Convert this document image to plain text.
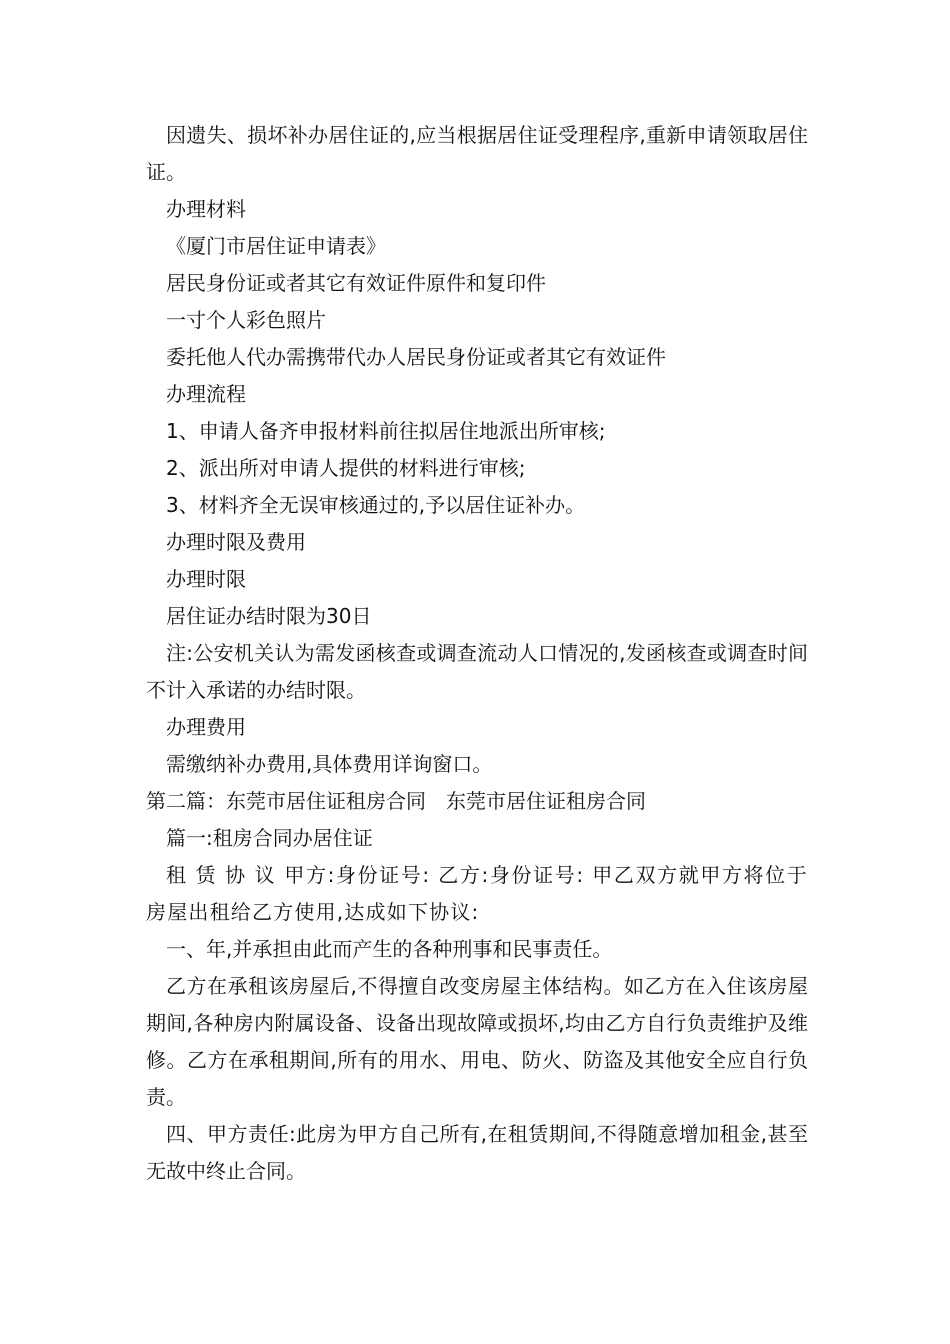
因遗失、损坏补办居住证的,应当根据居住证受理程序,重新申请领取居住证。

办理材料

《厦门市居住证申请表》

居民身份证或者其它有效证件原件和复印件

一寸个人彩色照片

委托他人代办需携带代办人居民身份证或者其它有效证件

办理流程

1、申请人备齐申报材料前往拟居住地派出所审核;

2、派出所对申请人提供的材料进行审核;

3、材料齐全无误审核通过的,予以居住证补办。

办理时限及费用

办理时限

居住证办结时限为30日

注:公安机关认为需发函核查或调查流动人口情况的,发函核查或调查时间不计入承诺的办结时限。

办理费用

需缴纳补办费用,具体费用详询窗口。

第二篇：东莞市居住证租房合同　东莞市居住证租房合同

篇一:租房合同办居住证

租 赁 协 议 甲方:身份证号: 乙方:身份证号: 甲乙双方就甲方将位于房屋出租给乙方使用,达成如下协议:

一、年,并承担由此而产生的各种刑事和民事责任。

乙方在承租该房屋后,不得擅自改变房屋主体结构。如乙方在入住该房屋期间,各种房内附属设备、设备出现故障或损坏,均由乙方自行负责维护及维修。乙方在承租期间,所有的用水、用电、防火、防盗及其他安全应自行负责。

四、甲方责任:此房为甲方自己所有,在租赁期间,不得随意增加租金,甚至无故中终止合同。
